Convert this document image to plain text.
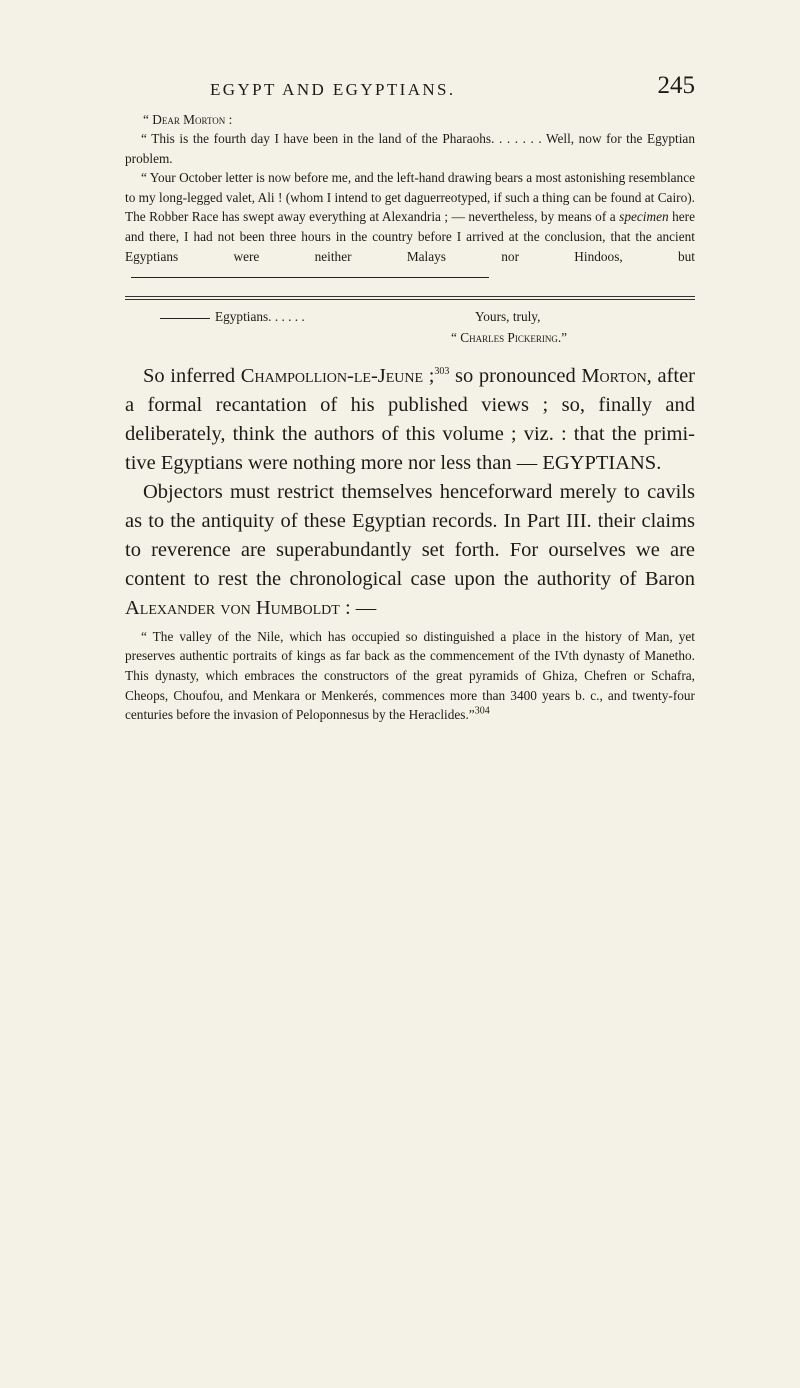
EGYPT AND EGYPTIANS.	245

“ Dear Morton :

“ This is the fourth day I have been in the land of the Pharaohs. . . . . . . Well, now for the Egyptian problem.

“ Your October letter is now before me, and the left-hand drawing bears a most astonishing resemblance to my long-legged valet, Ali ! (whom I intend to get daguerreotyped, if such a thing can be found at Cairo). The Robber Race has swept away everything at Alexandria ; — nevertheless, by means of a specimen here and there, I had not been three hours in the country before I arrived at the conclusion, that the ancient Egyptians were neither Malays nor Hindoos, but

Egyptians. . . . . .	Yours, truly,
“ Charles Pickering.”

So inferred Champollion-le-Jeune ;$^{303}$ so pronounced Morton, after a formal recantation of his published views ; so, finally and deliberately, think the authors of this volume ; viz. : that the primitive Egyptians were nothing more nor less than — EGYPTIANS.
Objectors must restrict themselves henceforward merely to cavils as to the antiquity of these Egyptian records. In Part III. their claims to reverence are superabundantly set forth. For ourselves we are content to rest the chronological case upon the authority of Baron Alexander von Humboldt : —

“ The valley of the Nile, which has occupied so distinguished a place in the history of Man, yet preserves authentic portraits of kings as far back as the commencement of the IVth dynasty of Manetho. This dynasty, which embraces the constructors of the great pyramids of Ghiza, Chefren or Schafra, Cheops, Choufou, and Menkara or Menkerés, commences more than 3400 years b. c., and twenty-four centuries before the invasion of Peloponnesus by the Heraclides.”$^{304}$
